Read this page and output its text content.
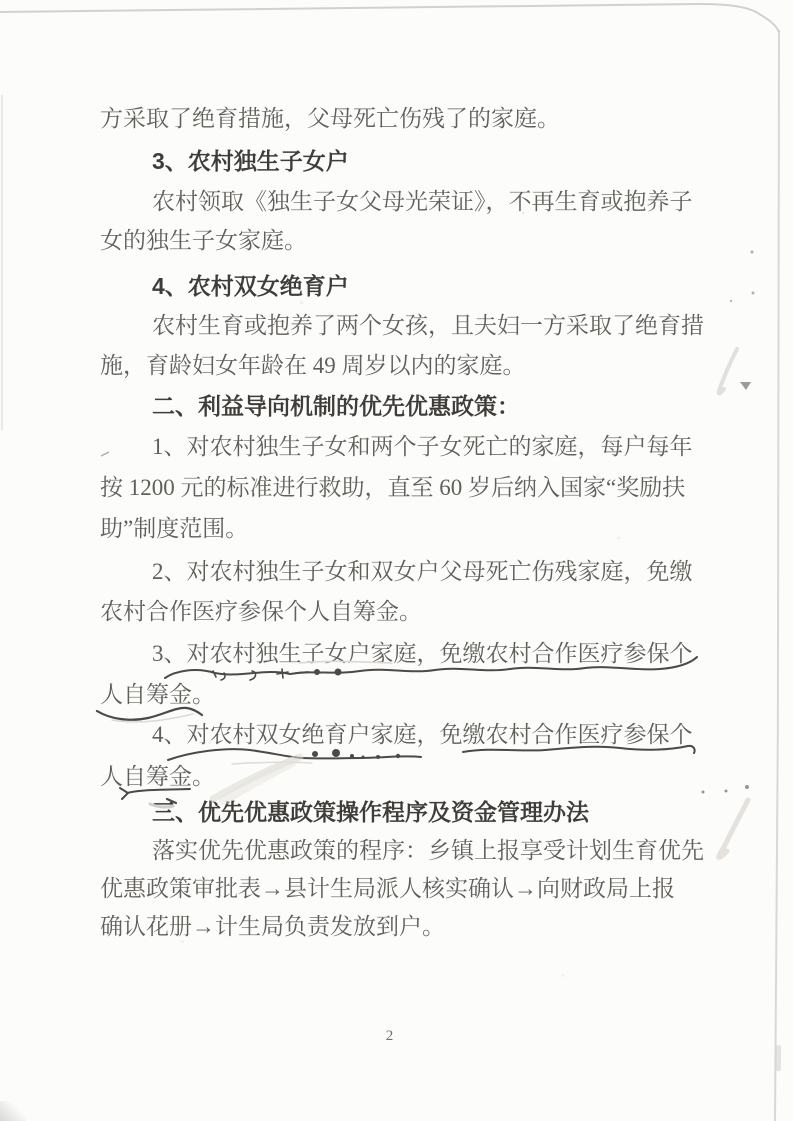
方采取了绝育措施，父母死亡伤残了的家庭。
3、农村独生子女户
农村领取《独生子女父母光荣证》，不再生育或抱养子
女的独生子女家庭。
4、农村双女绝育户
农村生育或抱养了两个女孩，且夫妇一方采取了绝育措
施，育龄妇女年龄在 49 周岁以内的家庭。
二、利益导向机制的优先优惠政策：
1、对农村独生子女和两个子女死亡的家庭，每户每年
按 1200 元的标准进行救助，直至 60 岁后纳入国家“奖励扶
助”制度范围。
2、对农村独生子女和双女户父母死亡伤残家庭，免缴
农村合作医疗参保个人自筹金。
3、对农村独生子女户家庭，免缴农村合作医疗参保个
人自筹金。
4、对农村双女绝育户家庭，免缴农村合作医疗参保个
人自筹金。
三、优先优惠政策操作程序及资金管理办法
落实优先优惠政策的程序：乡镇上报享受计划生育优先
优惠政策审批表→县计生局派人核实确认→向财政局上报
确认花册→计生局负责发放到户。
2
